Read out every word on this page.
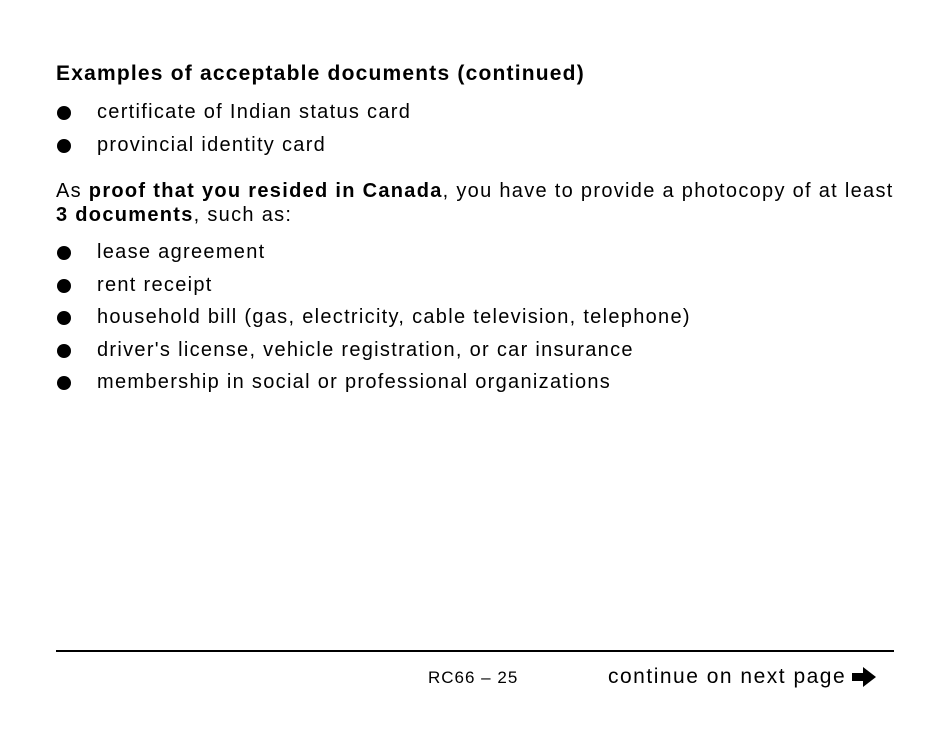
Examples of acceptable documents (continued)
certificate of Indian status card
provincial identity card

As proof that you resided in Canada, you have to provide a photocopy of at least 3 documents, such as:

lease agreement
rent receipt
household bill (gas, electricity, cable television, telephone)
driver's license, vehicle registration, or car insurance
membership in social or professional organizations
RC66 – 25	continue on next page
